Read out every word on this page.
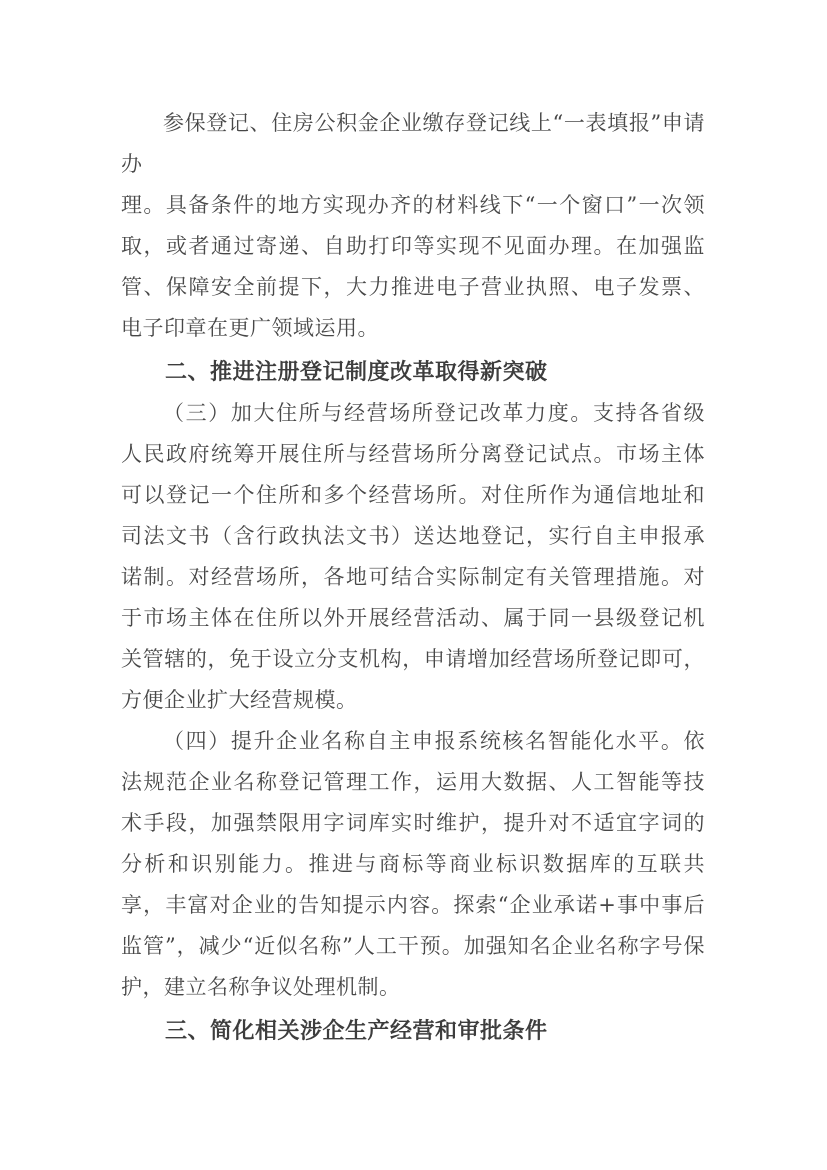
参保登记、住房公积金企业缴存登记线上“一表填报”申请办
理。具备条件的地方实现办齐的材料线下“一个窗口”一次领
取，或者通过寄递、自助打印等实现不见面办理。在加强监
管、保障安全前提下，大力推进电子营业执照、电子发票、
电子印章在更广领域运用。
二、推进注册登记制度改革取得新突破
（三）加大住所与经营场所登记改革力度。支持各省级
人民政府统筹开展住所与经营场所分离登记试点。市场主体
可以登记一个住所和多个经营场所。对住所作为通信地址和
司法文书（含行政执法文书）送达地登记，实行自主申报承
诺制。对经营场所，各地可结合实际制定有关管理措施。对
于市场主体在住所以外开展经营活动、属于同一县级登记机
关管辖的，免于设立分支机构，申请增加经营场所登记即可，
方便企业扩大经营规模。
（四）提升企业名称自主申报系统核名智能化水平。依
法规范企业名称登记管理工作，运用大数据、人工智能等技
术手段，加强禁限用字词库实时维护，提升对不适宜字词的
分析和识别能力。推进与商标等商业标识数据库的互联共
享，丰富对企业的告知提示内容。探索“企业承诺+事中事后
监管”，减少“近似名称”人工干预。加强知名企业名称字号保
护，建立名称争议处理机制。
三、简化相关涉企生产经营和审批条件
